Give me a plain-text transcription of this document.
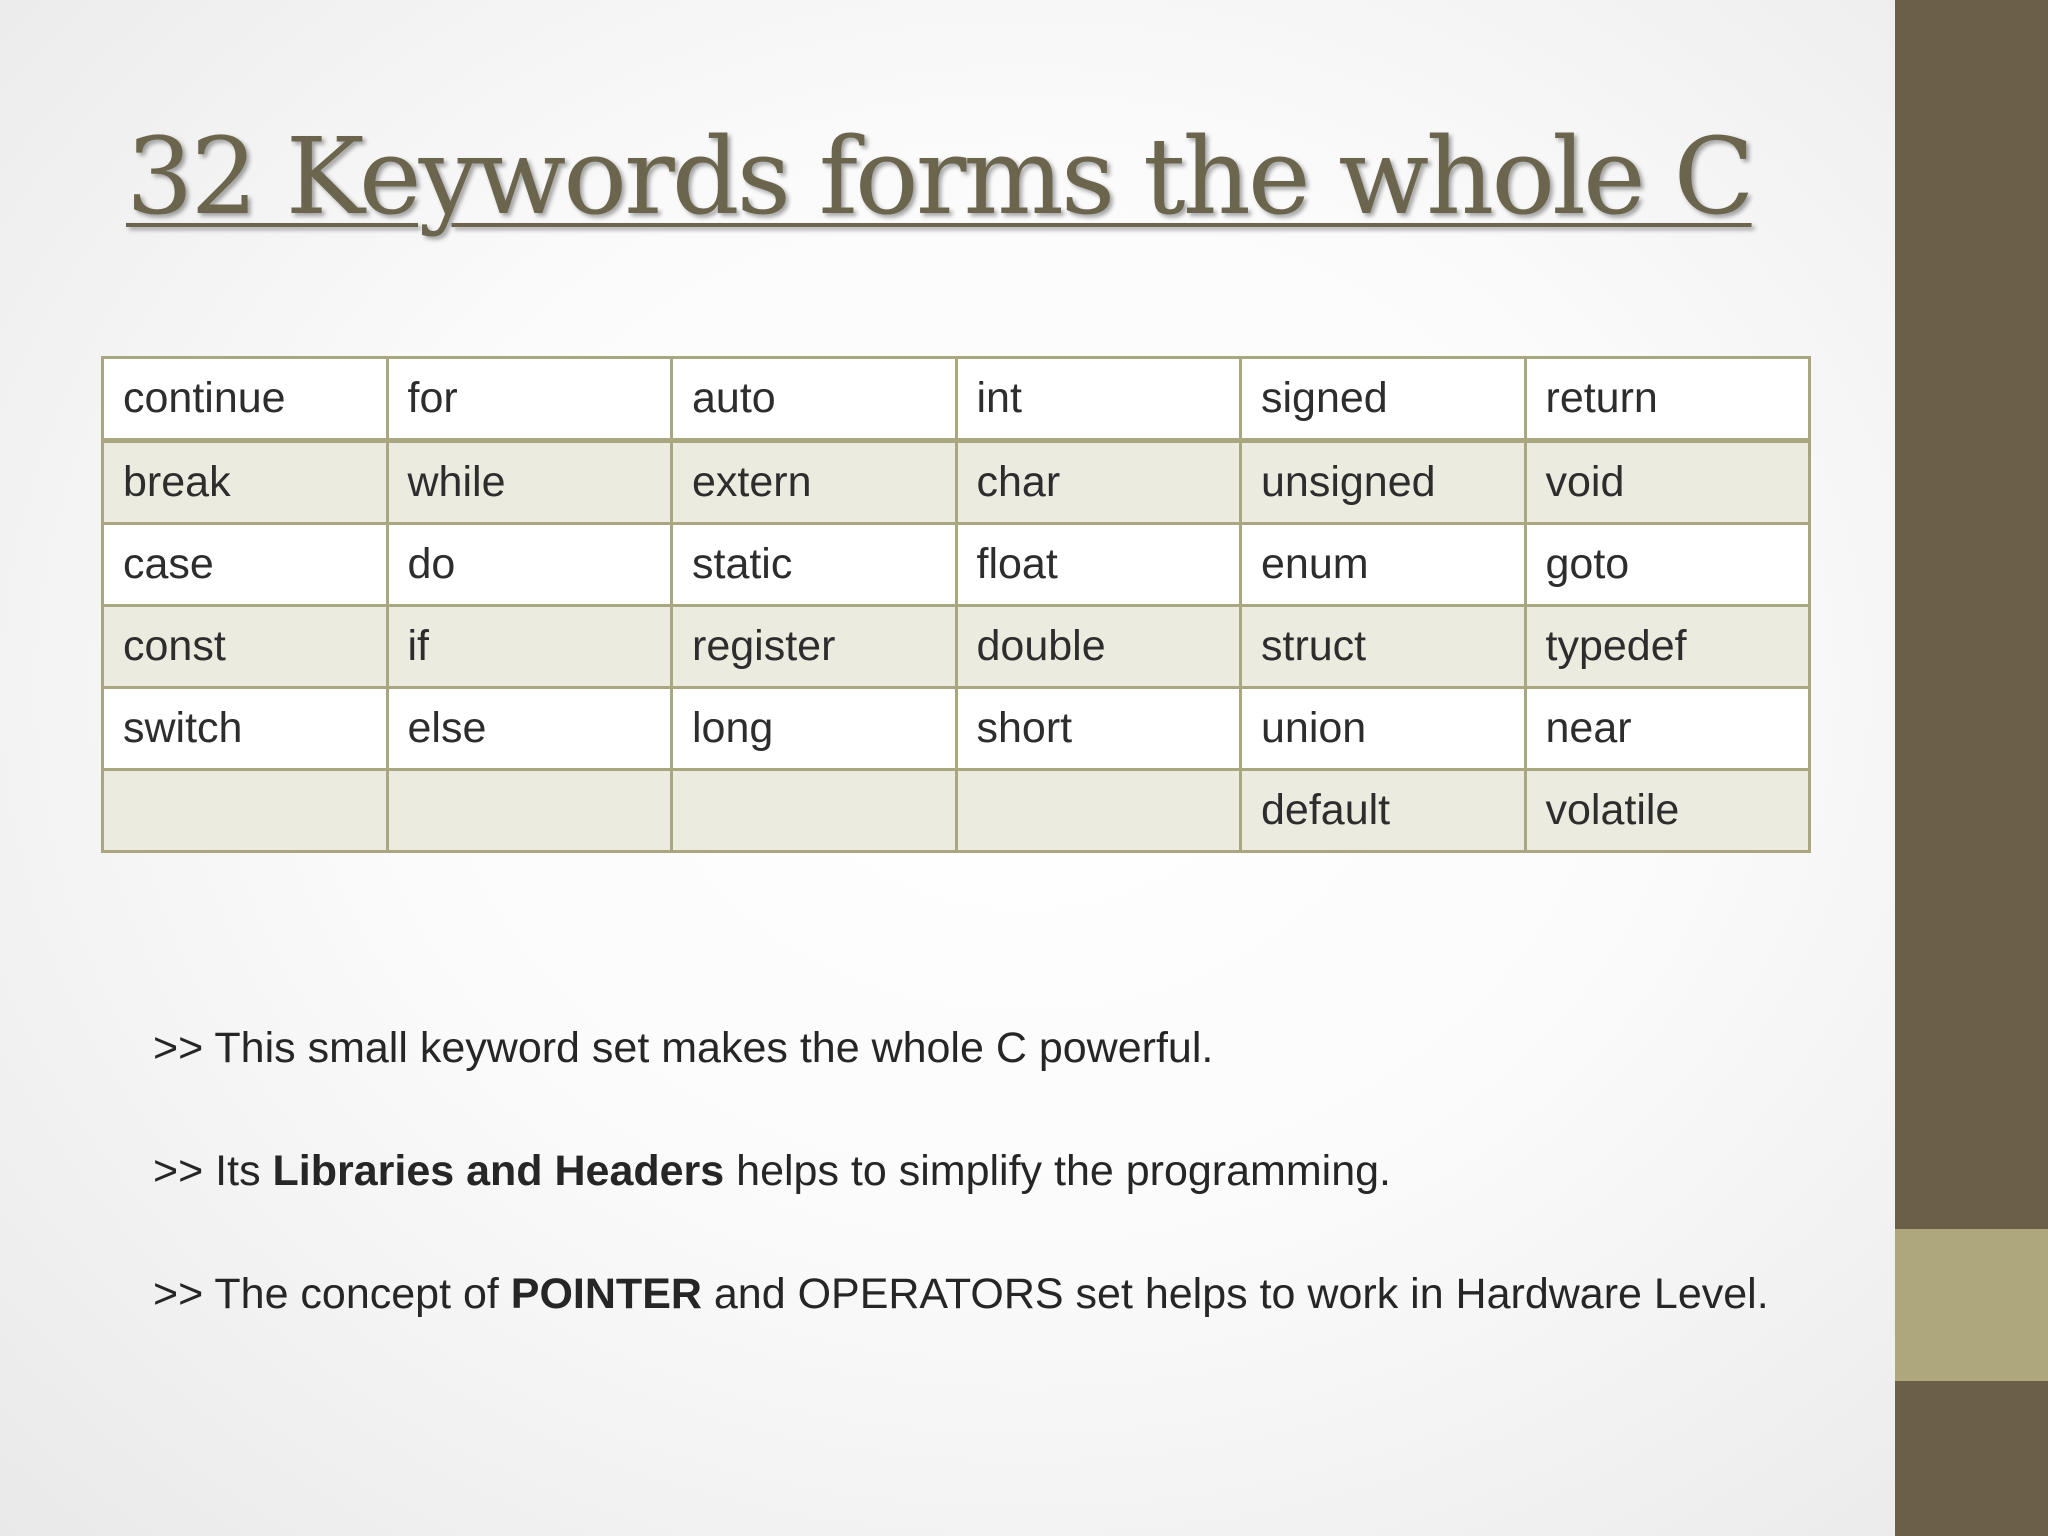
32 Keywords forms the whole C
continue	for	auto	int	signed	return
break	while	extern	char	unsigned	void
case	do	static	float	enum	goto
const	if	register	double	struct	typedef
switch	else	long	short	union	near
				default	volatile

>> This small keyword set makes the whole C powerful.

>> Its Libraries and Headers helps to simplify the programming.

>> The concept of POINTER and OPERATORS set helps to work in Hardware Level.
